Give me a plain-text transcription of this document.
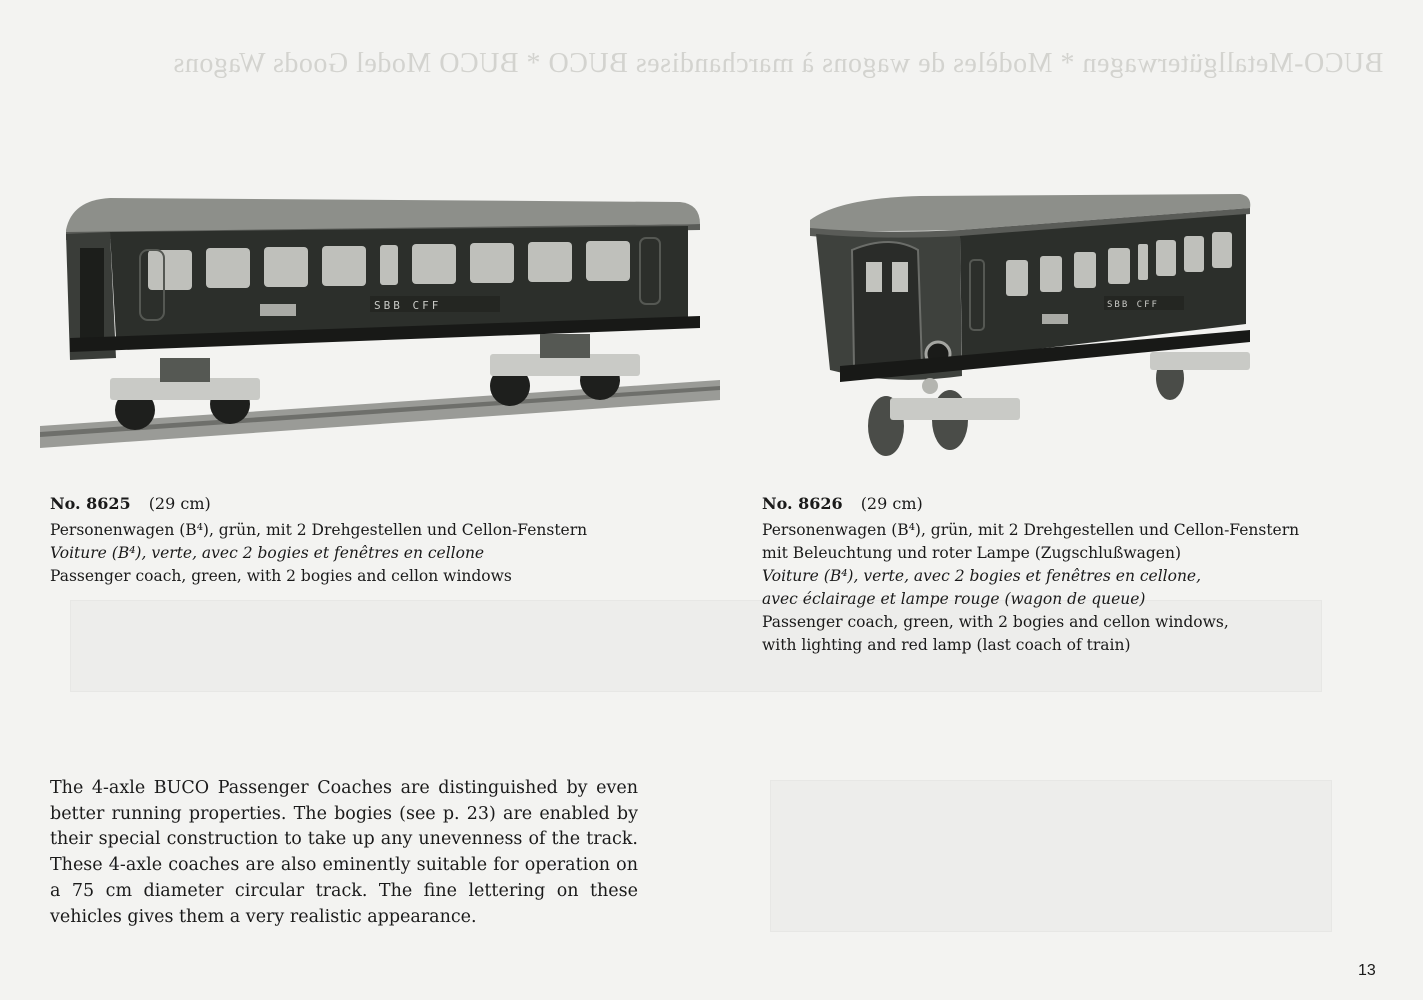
BUCO-Metallgüterwagen * Modèles de wagons à marchandises BUCO * BUCO Model Goods Wagons
SBB CFF	SBB CFF
No. 8625 (29 cm)
Personenwagen (B⁴), grün, mit 2 Drehgestellen und Cellon-Fenstern
Voiture (B⁴), verte, avec 2 bogies et fenêtres en cellone
Passenger coach, green, with 2 bogies and cellon windows
No. 8626 (29 cm)
Personenwagen (B⁴), grün, mit 2 Drehgestellen und Cellon-Fenstern
mit Beleuchtung und roter Lampe (Zugschlußwagen)
Voiture (B⁴), verte, avec 2 bogies et fenêtres en cellone,
avec éclairage et lampe rouge (wagon de queue)
Passenger coach, green, with 2 bogies and cellon windows,
with lighting and red lamp (last coach of train)
The 4-axle BUCO Passenger Coaches are distinguished by even better running properties. The bogies (see p. 23) are enabled by their special construction to take up any unevenness of the track. These 4-axle coaches are also eminently suitable for operation on a 75 cm diameter circular track. The fine lettering on these vehicles gives them a very realistic appearance.
13
